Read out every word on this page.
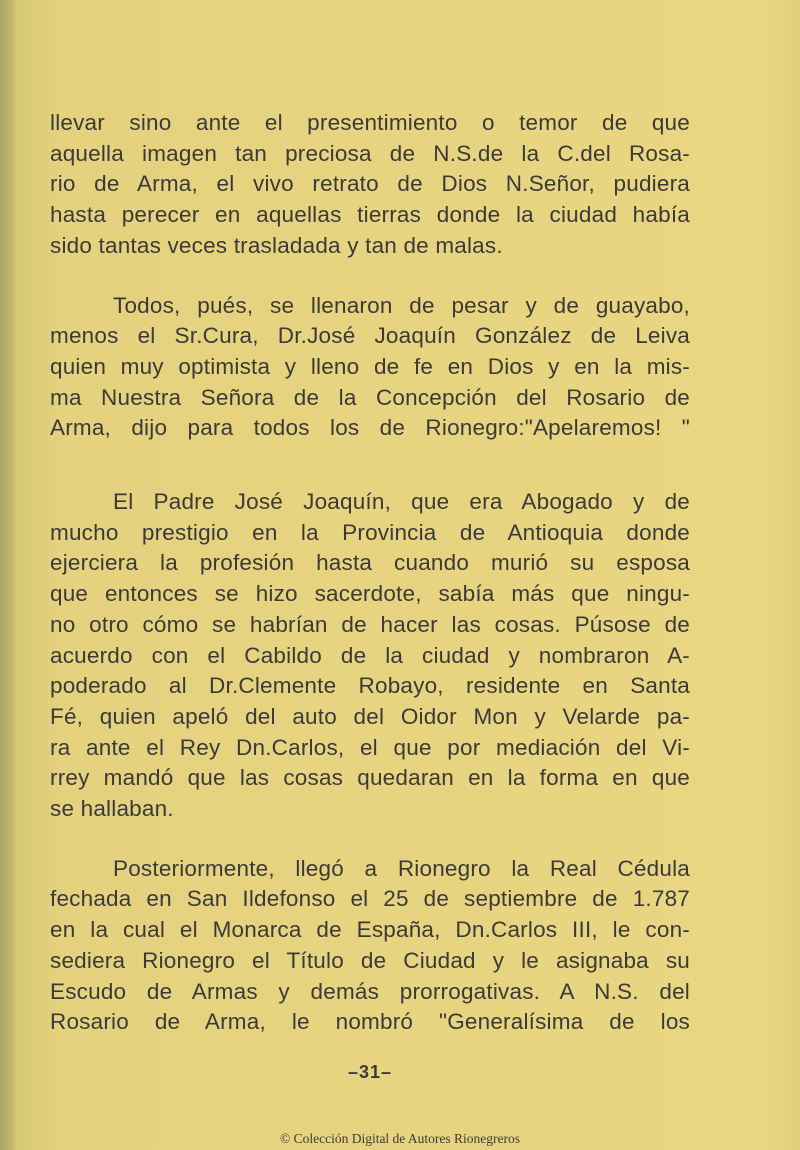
llevar sino ante el presentimiento o temor de que
aquella imagen tan preciosa de N.S.de la C.del Rosa-
rio de Arma, el vivo retrato de Dios N.Señor, pudiera
hasta perecer en aquellas tierras donde la ciudad había
sido tantas veces trasladada y tan de malas.
Todos, pués, se llenaron de pesar y de guayabo,
menos el Sr.Cura, Dr.José Joaquín González de Leiva
quien muy optimista y lleno de fe en Dios y en la mis-
ma Nuestra Señora de la Concepción del Rosario de
Arma, dijo para todos los de Rionegro:"Apelaremos! "
El Padre José Joaquín, que era Abogado y de
mucho prestigio en la Provincia de Antioquia donde
ejerciera la profesión hasta cuando murió su esposa
que entonces se hizo sacerdote, sabía más que ningu-
no otro cómo se habrían de hacer las cosas. Púsose de
acuerdo con el Cabildo de la ciudad y nombraron A-
poderado al Dr.Clemente Robayo, residente en Santa
Fé, quien apeló del auto del Oidor Mon y Velarde pa-
ra ante el Rey Dn.Carlos, el que por mediación del Vi-
rrey mandó que las cosas quedaran en la forma en que
se hallaban.
Posteriormente, llegó a Rionegro la Real Cédula
fechada en San Ildefonso el 25 de septiembre de 1.787
en la cual el Monarca de España, Dn.Carlos III, le con-
sediera Rionegro el Título de Ciudad y le asignaba su
Escudo de Armas y demás prorrogativas. A N.S. del
Rosario de Arma, le nombró "Generalísima de los
–31–
© Colección Digital de Autores Rionegreros
